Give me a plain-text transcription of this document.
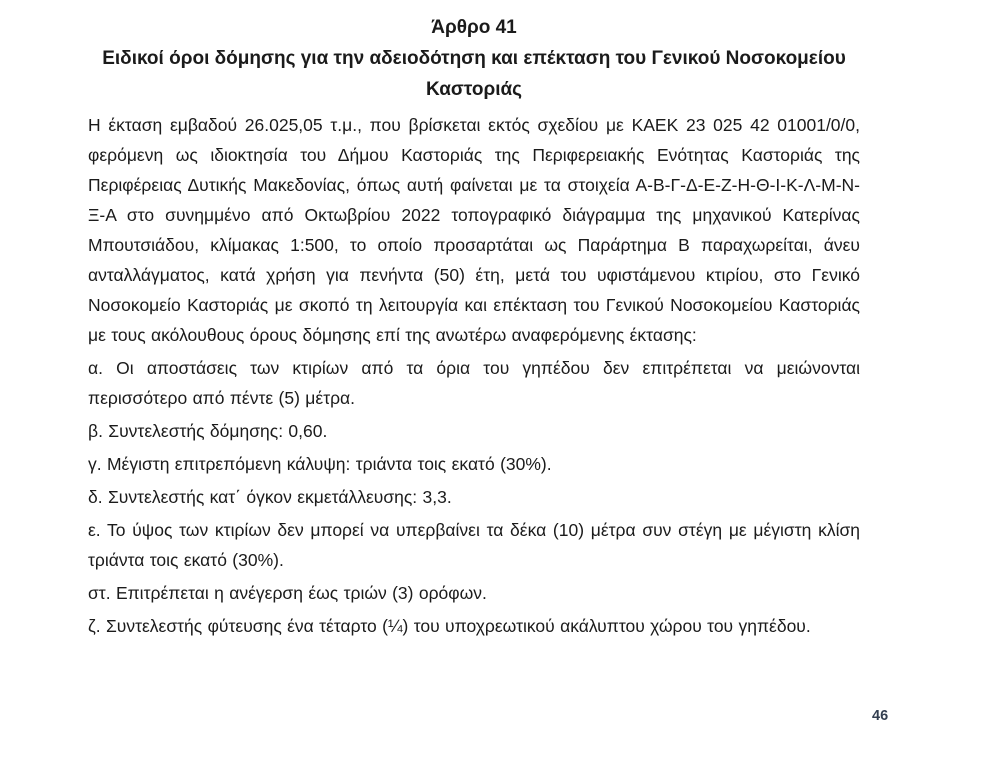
Άρθρο 41
Ειδικοί όροι δόμησης για την αδειοδότηση και επέκταση του Γενικού Νοσοκομείου
Καστοριάς

Η έκταση εμβαδού 26.025,05 τ.μ., που βρίσκεται εκτός σχεδίου με ΚΑΕΚ 23 025 42 01001/0/0, φερόμενη ως ιδιοκτησία του Δήμου Καστοριάς της Περιφερειακής Ενότητας Καστοριάς της Περιφέρειας Δυτικής Μακεδονίας, όπως αυτή φαίνεται με τα στοιχεία Α-Β-Γ-Δ-Ε-Ζ-Η-Θ-Ι-Κ-Λ-Μ-Ν-Ξ-Α στο συνημμένο από Οκτωβρίου 2022 τοπογραφικό διάγραμμα της μηχανικού Κατερίνας Μπουτσιάδου, κλίμακας 1:500, το οποίο προσαρτάται ως Παράρτημα Β παραχωρείται, άνευ ανταλλάγματος, κατά χρήση για πενήντα (50) έτη, μετά του υφιστάμενου κτιρίου, στο Γενικό Νοσοκομείο Καστοριάς με σκοπό τη λειτουργία και επέκταση του Γενικού Νοσοκομείου Καστοριάς με τους ακόλουθους όρους δόμησης επί της ανωτέρω αναφερόμενης έκτασης:

α. Οι αποστάσεις των κτιρίων από τα όρια του γηπέδου δεν επιτρέπεται να μειώνονται περισσότερο από πέντε (5) μέτρα.

β. Συντελεστής δόμησης: 0,60.

γ. Μέγιστη επιτρεπόμενη κάλυψη: τριάντα τοις εκατό (30%).

δ. Συντελεστής κατ΄ όγκον εκμετάλλευσης: 3,3.

ε. Το ύψος των κτιρίων δεν μπορεί να υπερβαίνει τα δέκα (10) μέτρα συν στέγη με μέγιστη κλίση τριάντα τοις εκατό (30%).

στ. Επιτρέπεται η ανέγερση έως τριών (3) ορόφων.

ζ. Συντελεστής φύτευσης ένα τέταρτο (¼) του υποχρεωτικού ακάλυπτου χώρου του γηπέδου.

46
